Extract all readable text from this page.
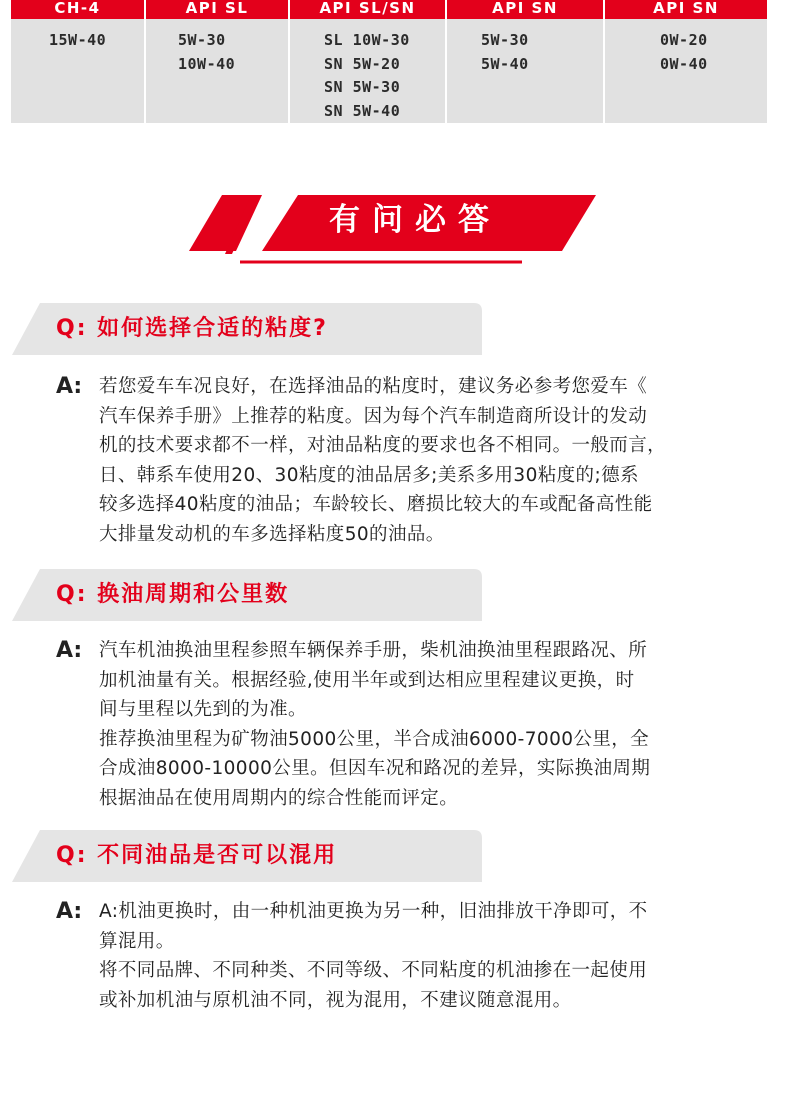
CH-4
15W-40
API SL
5W-30
10W-40
API SL/SN
SL 10W-30
SN 5W-20
SN 5W-30
SN 5W-40
API SN
5W-30
5W-40
API SN
0W-20
0W-40
有问必答
Q: 如何选择合适的粘度?
A: 若您爱车车况良好，在选择油品的粘度时，建议务必参考您爱车《
汽车保养手册》上推荐的粘度。因为每个汽车制造商所设计的发动
机的技术要求都不一样，对油品粘度的要求也各不相同。一般而言，
日、韩系车使用20、30粘度的油品居多;美系多用30粘度的;德系
较多选择40粘度的油品；车龄较长、磨损比较大的车或配备高性能
大排量发动机的车多选择粘度50的油品。
Q: 换油周期和公里数
A: 汽车机油换油里程参照车辆保养手册，柴机油换油里程跟路况、所
加机油量有关。根据经验,使用半年或到达相应里程建议更换，时
间与里程以先到的为准。
推荐换油里程为矿物油5000公里，半合成油6000-7000公里，全
合成油8000-10000公里。但因车况和路况的差异，实际换油周期
根据油品在使用周期内的综合性能而评定。
Q: 不同油品是否可以混用
A: A:机油更换时，由一种机油更换为另一种，旧油排放干净即可，不
算混用。
将不同品牌、不同种类、不同等级、不同粘度的机油掺在一起使用
或补加机油与原机油不同，视为混用，不建议随意混用。
